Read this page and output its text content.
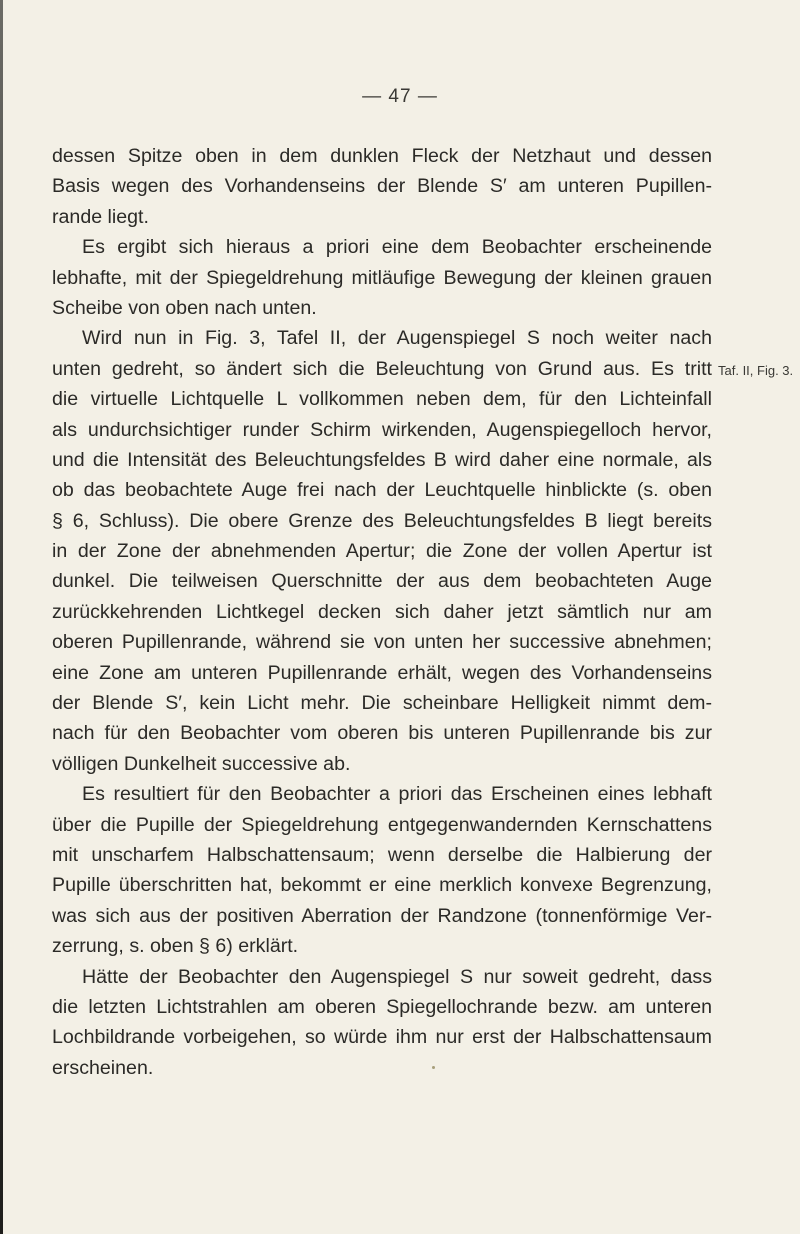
— 47 —
Taf. II, Fig. 3.
dessen Spitze oben in dem dunklen Fleck der Netzhaut und dessen
Basis wegen des Vorhandenseins der Blende S′ am unteren Pupillen-
rande liegt.
Es ergibt sich hieraus a priori eine dem Beobachter erscheinende
lebhafte, mit der Spiegeldrehung mitläufige Bewegung der kleinen grauen
Scheibe von oben nach unten.
Wird nun in Fig. 3, Tafel II, der Augenspiegel S noch weiter nach
unten gedreht, so ändert sich die Beleuchtung von Grund aus. Es tritt
die virtuelle Lichtquelle L vollkommen neben dem, für den Lichteinfall
als undurchsichtiger runder Schirm wirkenden, Augenspiegelloch hervor,
und die Intensität des Beleuchtungsfeldes B wird daher eine normale, als
ob das beobachtete Auge frei nach der Leuchtquelle hinblickte (s. oben
§ 6, Schluss). Die obere Grenze des Beleuchtungsfeldes B liegt bereits
in der Zone der abnehmenden Apertur; die Zone der vollen Apertur ist
dunkel. Die teilweisen Querschnitte der aus dem beobachteten Auge
zurückkehrenden Lichtkegel decken sich daher jetzt sämtlich nur am
oberen Pupillenrande, während sie von unten her successive abnehmen;
eine Zone am unteren Pupillenrande erhält, wegen des Vorhandenseins
der Blende S′, kein Licht mehr. Die scheinbare Helligkeit nimmt dem-
nach für den Beobachter vom oberen bis unteren Pupillenrande bis zur
völligen Dunkelheit successive ab.
Es resultiert für den Beobachter a priori das Erscheinen eines lebhaft
über die Pupille der Spiegeldrehung entgegenwandernden Kernschattens
mit unscharfem Halbschattensaum; wenn derselbe die Halbierung der
Pupille überschritten hat, bekommt er eine merklich konvexe Begrenzung,
was sich aus der positiven Aberration der Randzone (tonnenförmige Ver-
zerrung, s. oben § 6) erklärt.
Hätte der Beobachter den Augenspiegel S nur soweit gedreht, dass
die letzten Lichtstrahlen am oberen Spiegellochrande bezw. am unteren
Lochbildrande vorbeigehen, so würde ihm nur erst der Halbschattensaum
erscheinen.
